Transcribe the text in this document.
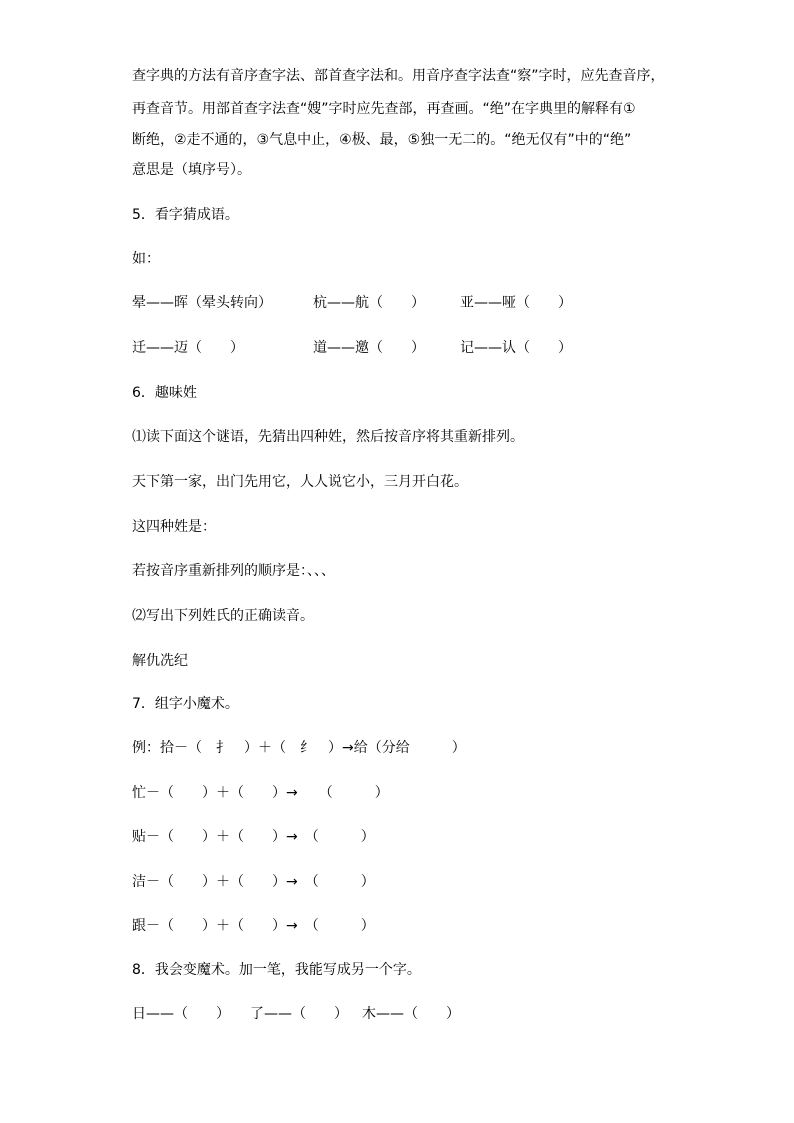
查字典的方法有音序查字法、部首查字法和。用音序查字法查“察”字时，应先查音序，
再查音节。用部首查字法查“嫂”字时应先查部，再查画。“绝”在字典里的解释有①
断绝，②走不通的，③气息中止，④极、最，⑤独一无二的。“绝无仅有”中的“绝”
意思是（填序号）。
5．看字猜成语。
如：
晕——晖（晕头转向）	杭——航（　　）	亚——哑（　　）
迁——迈（　　）	道——邀（　　）	记——认（　　）
6．趣味姓
⑴读下面这个谜语，先猜出四种姓，然后按音序将其重新排列。
天下第一家，出门先用它，人人说它小，三月开白花。
这四种姓是：
若按音序重新排列的顺序是：、、、
⑵写出下列姓氏的正确读音。
解仇冼纪
7．组字小魔术。
例：拾－（　扌　）＋（　纟　）→给（分给　　　）
忙－（　　）＋（　　）→　　（　　　）
贴－（　　）＋（　　）→　（　　　）
洁－（　　）＋（　　）→　（　　　）
跟－（　　）＋（　　）→　（　　　）
8．我会变魔术。加一笔，我能写成另一个字。
日——（　　） 了——（　　） 木——（　　）
